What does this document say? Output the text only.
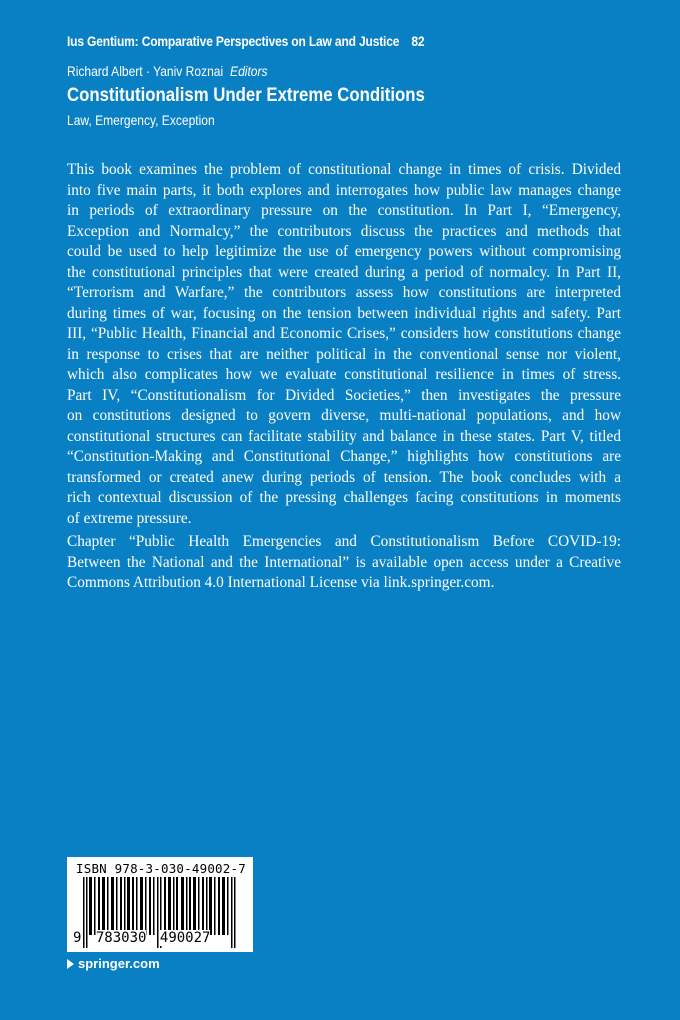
Ius Gentium: Comparative Perspectives on Law and Justice 82
Richard Albert · Yaniv Roznai Editors
Constitutionalism Under Extreme Conditions
Law, Emergency, Exception
This book examines the problem of constitutional change in times of crisis. Divided
into five main parts, it both explores and interrogates how public law manages change
in periods of extraordinary pressure on the constitution. In Part I, “Emergency,
Exception and Normalcy,” the contributors discuss the practices and methods that
could be used to help legitimize the use of emergency powers without compromising
the constitutional principles that were created during a period of normalcy. In Part II,
“Terrorism and Warfare,” the contributors assess how constitutions are interpreted
during times of war, focusing on the tension between individual rights and safety. Part
III, “Public Health, Financial and Economic Crises,” considers how constitutions change
in response to crises that are neither political in the conventional sense nor violent,
which also complicates how we evaluate constitutional resilience in times of stress.
Part IV, “Constitutionalism for Divided Societies,” then investigates the pressure
on constitutions designed to govern diverse, multi-national populations, and how
constitutional structures can facilitate stability and balance in these states. Part V, titled
“Constitution-Making and Constitutional Change,” highlights how constitutions are
transformed or created anew during periods of tension. The book concludes with a
rich contextual discussion of the pressing challenges facing constitutions in moments
of extreme pressure.
Chapter “Public Health Emergencies and Constitutionalism Before COVID-19:
Between the National and the International” is available open access under a Creative
Commons Attribution 4.0 International License via link.springer.com.
ISBN 978-3-030-49002-7
9 783030 490027
springer.com
